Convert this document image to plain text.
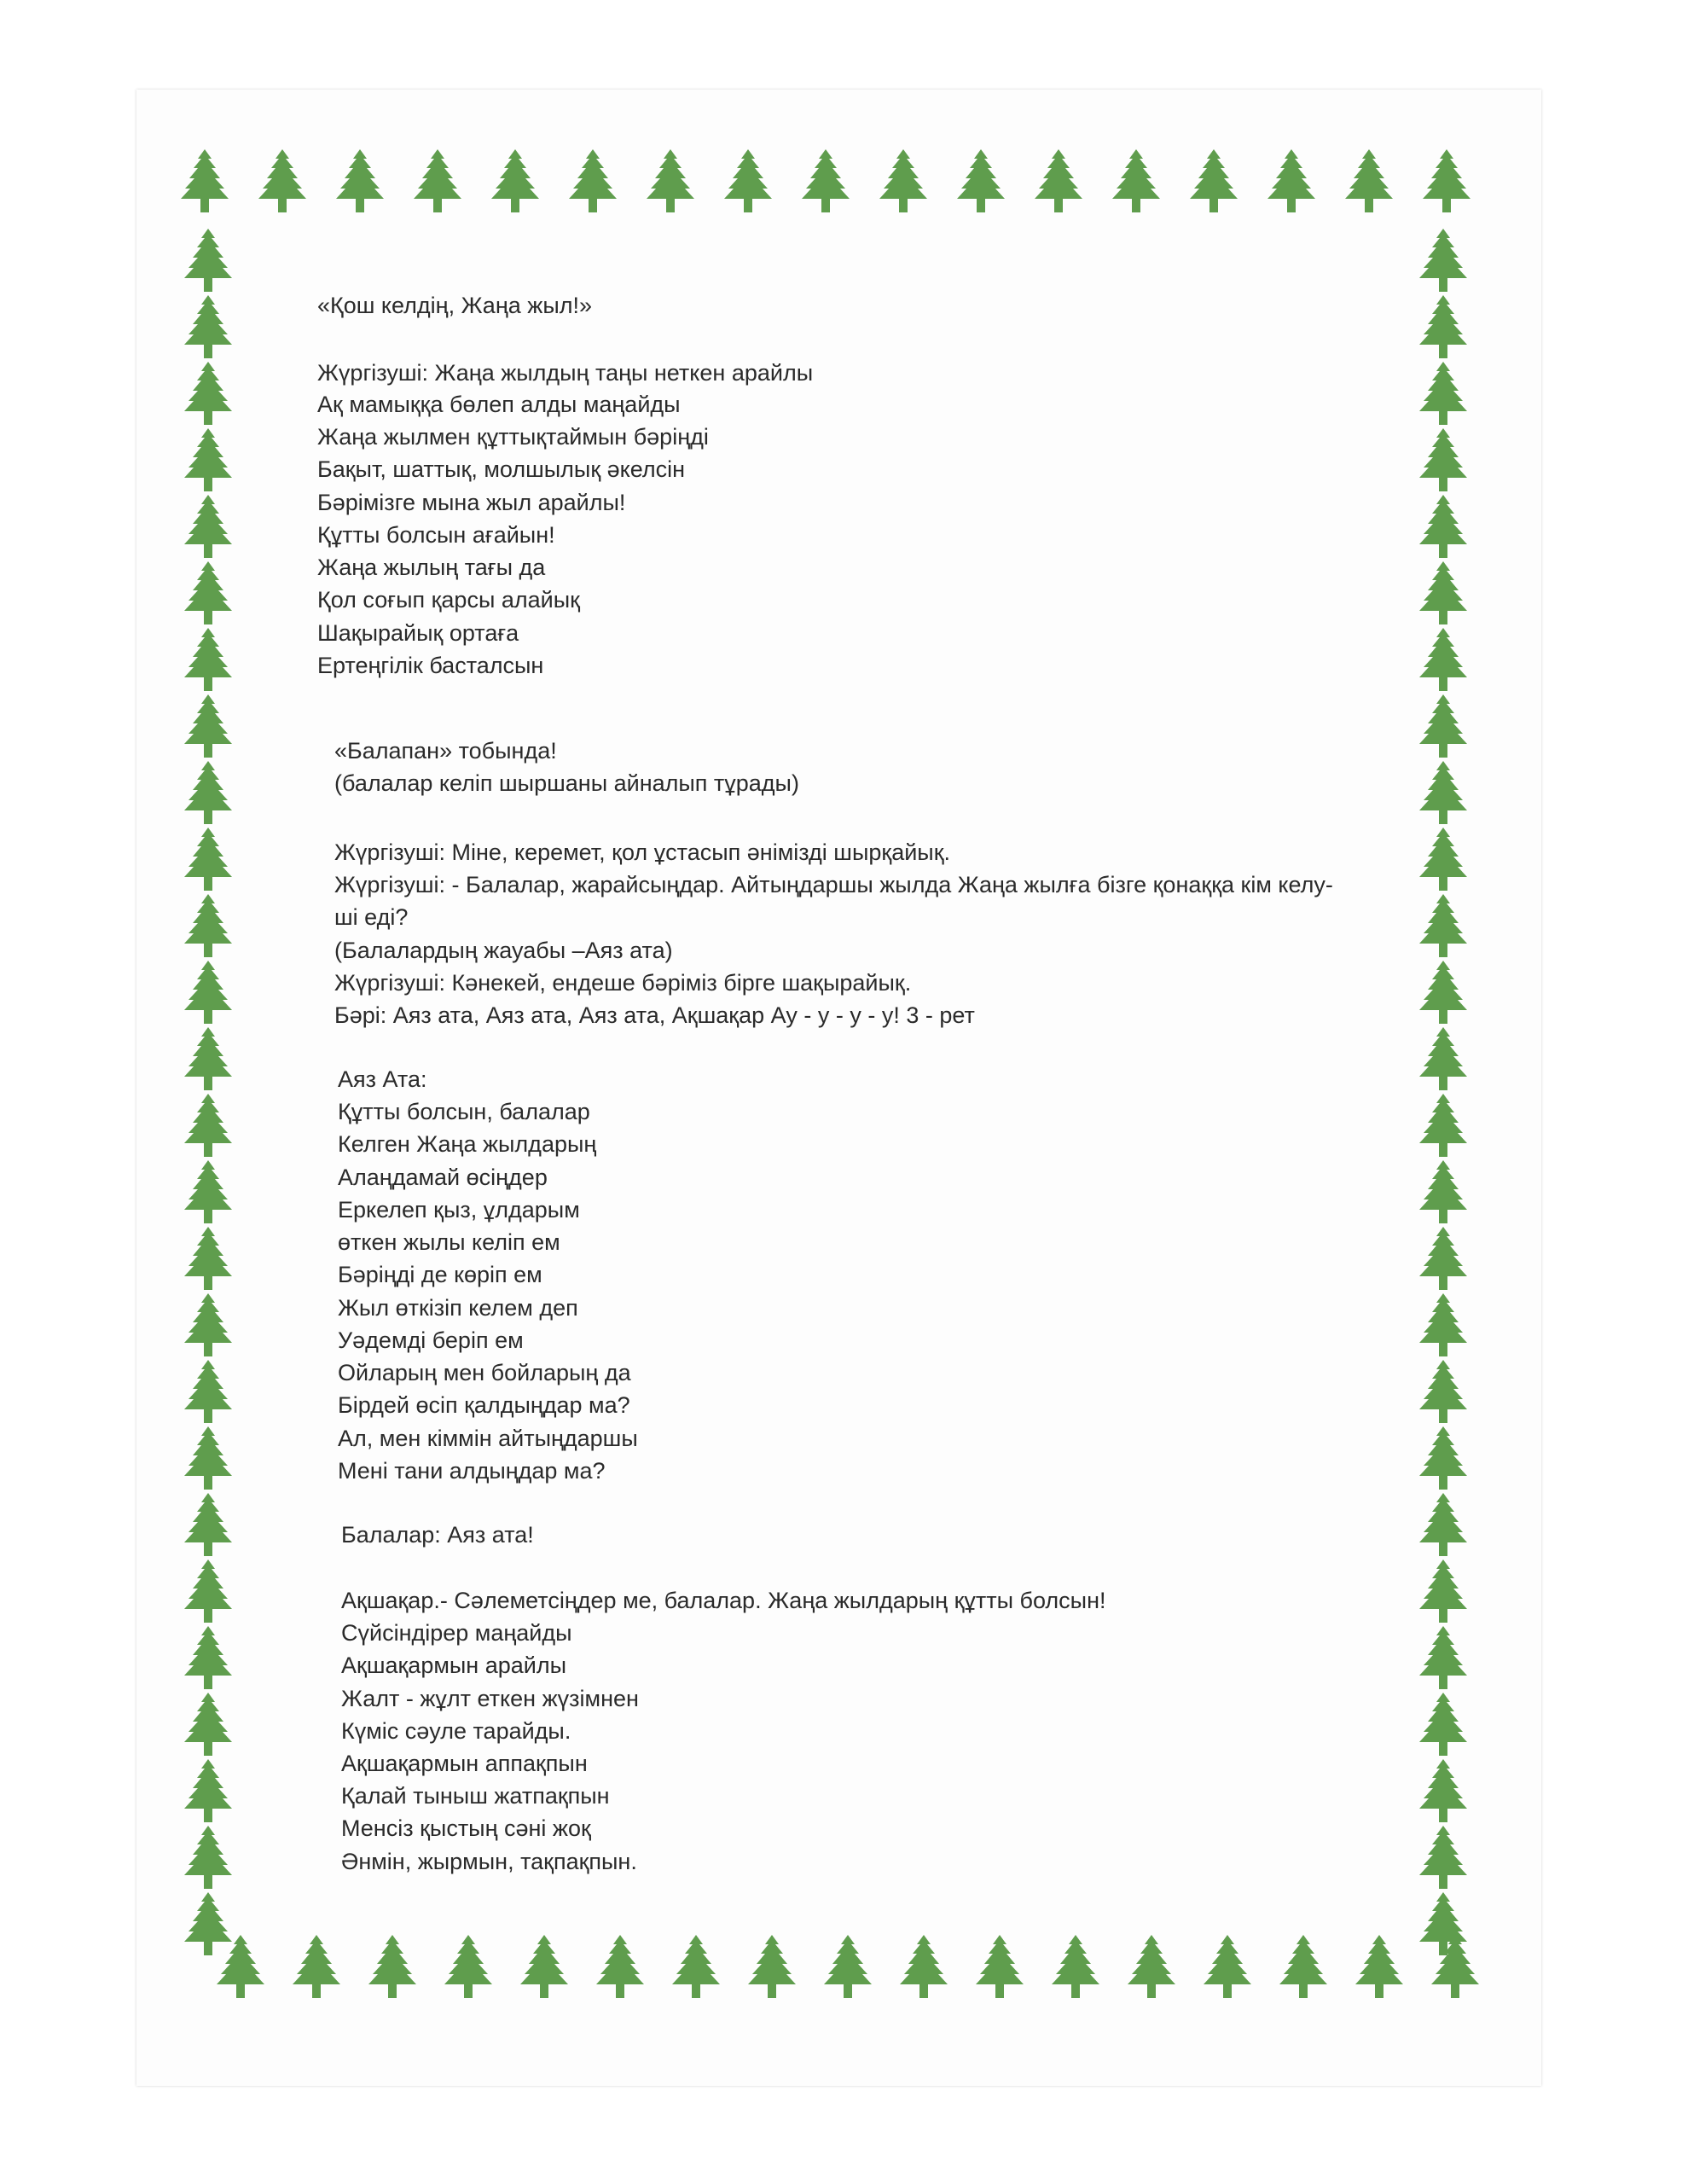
«Қош келдің, Жаңа жыл!»
Жүргізуші: Жаңа жылдың таңы неткен арайлы
Ақ мамыққа бөлеп алды маңайды
Жаңа жылмен құттықтаймын бәріңді
Бақыт, шаттық, молшылық әкелсін
Бәрімізге мына жыл арайлы!
Құтты болсын ағайын!
Жаңа жылың тағы да
Қол соғып қарсы алайық
Шақырайық ортаға
Ертеңгілік басталсын
«Балапан» тобында!
(балалар келіп шыршаны айналып тұрады)
Жүргізуші: Міне, керемет, қол ұстасып әнімізді шырқайық.
Жүргізуші: - Балалар, жарайсыңдар. Айтыңдаршы жылда Жаңа жылға бізге қонаққа кім келу-
ші еді?
(Балалардың жауабы –Аяз ата)
Жүргізуші: Кәнекей, ендеше бәріміз бірге шақырайық.
Бәрі: Аяз ата, Аяз ата, Аяз ата, Ақшақар Ау - у - у - у! 3 - рет
Аяз Ата:
Құтты болсын, балалар
Келген Жаңа жылдарың
Алаңдамай өсіңдер
Еркелеп қыз, ұлдарым
өткен жылы келіп ем
Бәріңді де көріп ем
Жыл өткізіп келем деп
Уәдемді беріп ем
Ойларың мен бойларың да
Бірдей өсіп қалдыңдар ма?
Ал, мен кіммін айтыңдаршы
Мені тани алдыңдар ма?
Балалар: Аяз ата!
Ақшақар.- Сәлеметсіңдер ме, балалар. Жаңа жылдарың құтты болсын!
Сүйсіндірер маңайды
Ақшақармын арайлы
Жалт - жұлт еткен жүзімнен
Күміс сәуле тарайды.
Ақшақармын аппақпын
Қалай тыныш жатпақпын
Менсіз қыстың сәні жоқ
Әнмін, жырмын, тақпақпын.
